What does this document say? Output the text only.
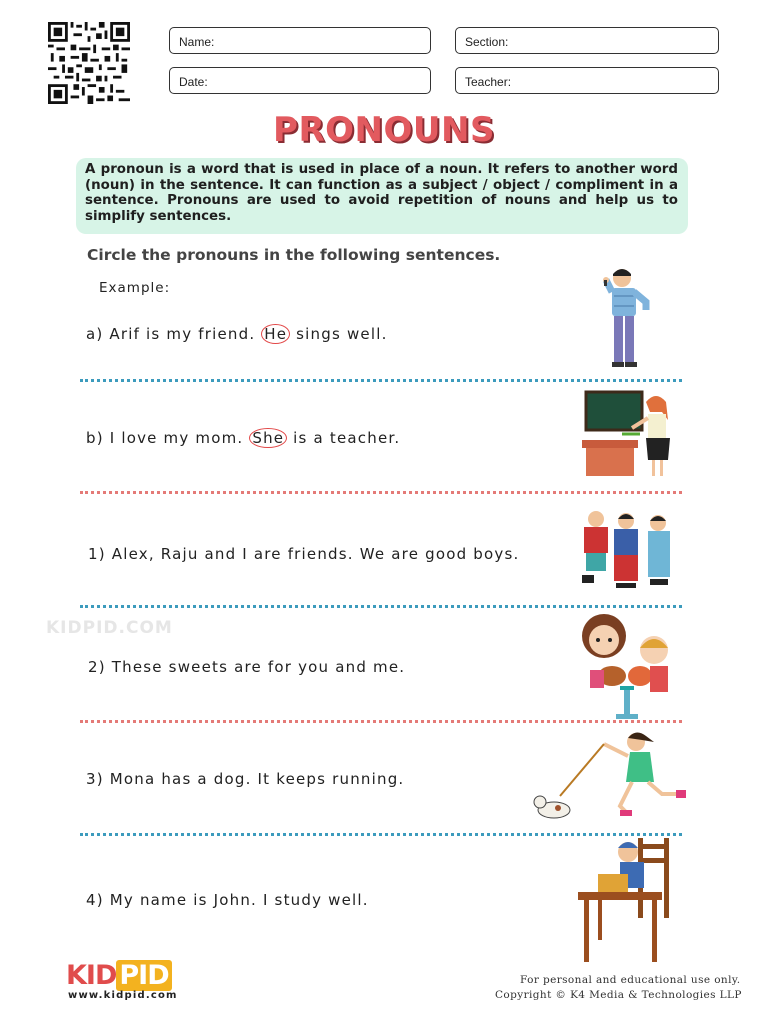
Name:	Section:
Date:	Teacher:
PRONOUNS
A pronoun is a word that is used in place of a noun. It refers to another word (noun) in the sentence. It can function as a subject / object / compliment in a sentence. Pronouns are used to avoid repetition of nouns and help us to simplify sentences.
Circle the pronouns in the following sentences.
Example:
a) Arif is my friend. He sings well.
b) I love my mom. She is a teacher.
1) Alex, Raju and I are friends. We are good boys.
KIDPID.COM
2) These sweets are for you and me.
3) Mona has a dog. It keeps running.
4) My name is John. I study well.
KID PID
www.kidpid.com
For personal and educational use only.
Copyright © K4 Media & Technologies LLP
